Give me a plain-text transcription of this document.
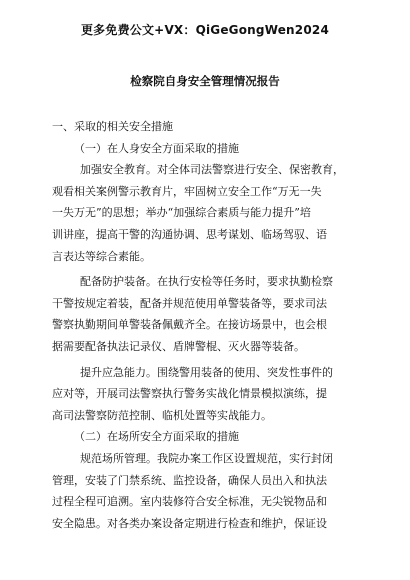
更多免费公文+VX：QiGeGongWen2024
检察院自身安全管理情况报告
一、采取的相关安全措施
（一）在人身安全方面采取的措施
加强安全教育。对全体司法警察进行安全、保密教育，
观看相关案例警示教育片，牢固树立安全工作“万无一失
一失万无”的思想；举办“加强综合素质与能力提升”培
训讲座，提高干警的沟通协调、思考谋划、临场驾驭、语
言表达等综合素能。
配备防护装备。在执行安检等任务时，要求执勤检察
干警按规定着装，配备并规范使用单警装备等，要求司法
警察执勤期间单警装备佩戴齐全。在接访场景中，也会根
据需要配备执法记录仪、盾牌警棍、灭火器等装备。
提升应急能力。围绕警用装备的使用、突发性事件的
应对等，开展司法警察执行警务实战化情景模拟演练，提
高司法警察防范控制、临机处置等实战能力。
（二）在场所安全方面采取的措施
规范场所管理。我院办案工作区设置规范，实行封闭
管理，安装了门禁系统、监控设备，确保人员出入和执法
过程全程可追溯。室内装修符合安全标准，无尖锐物品和
安全隐患。对各类办案设备定期进行检查和维护，保证设
